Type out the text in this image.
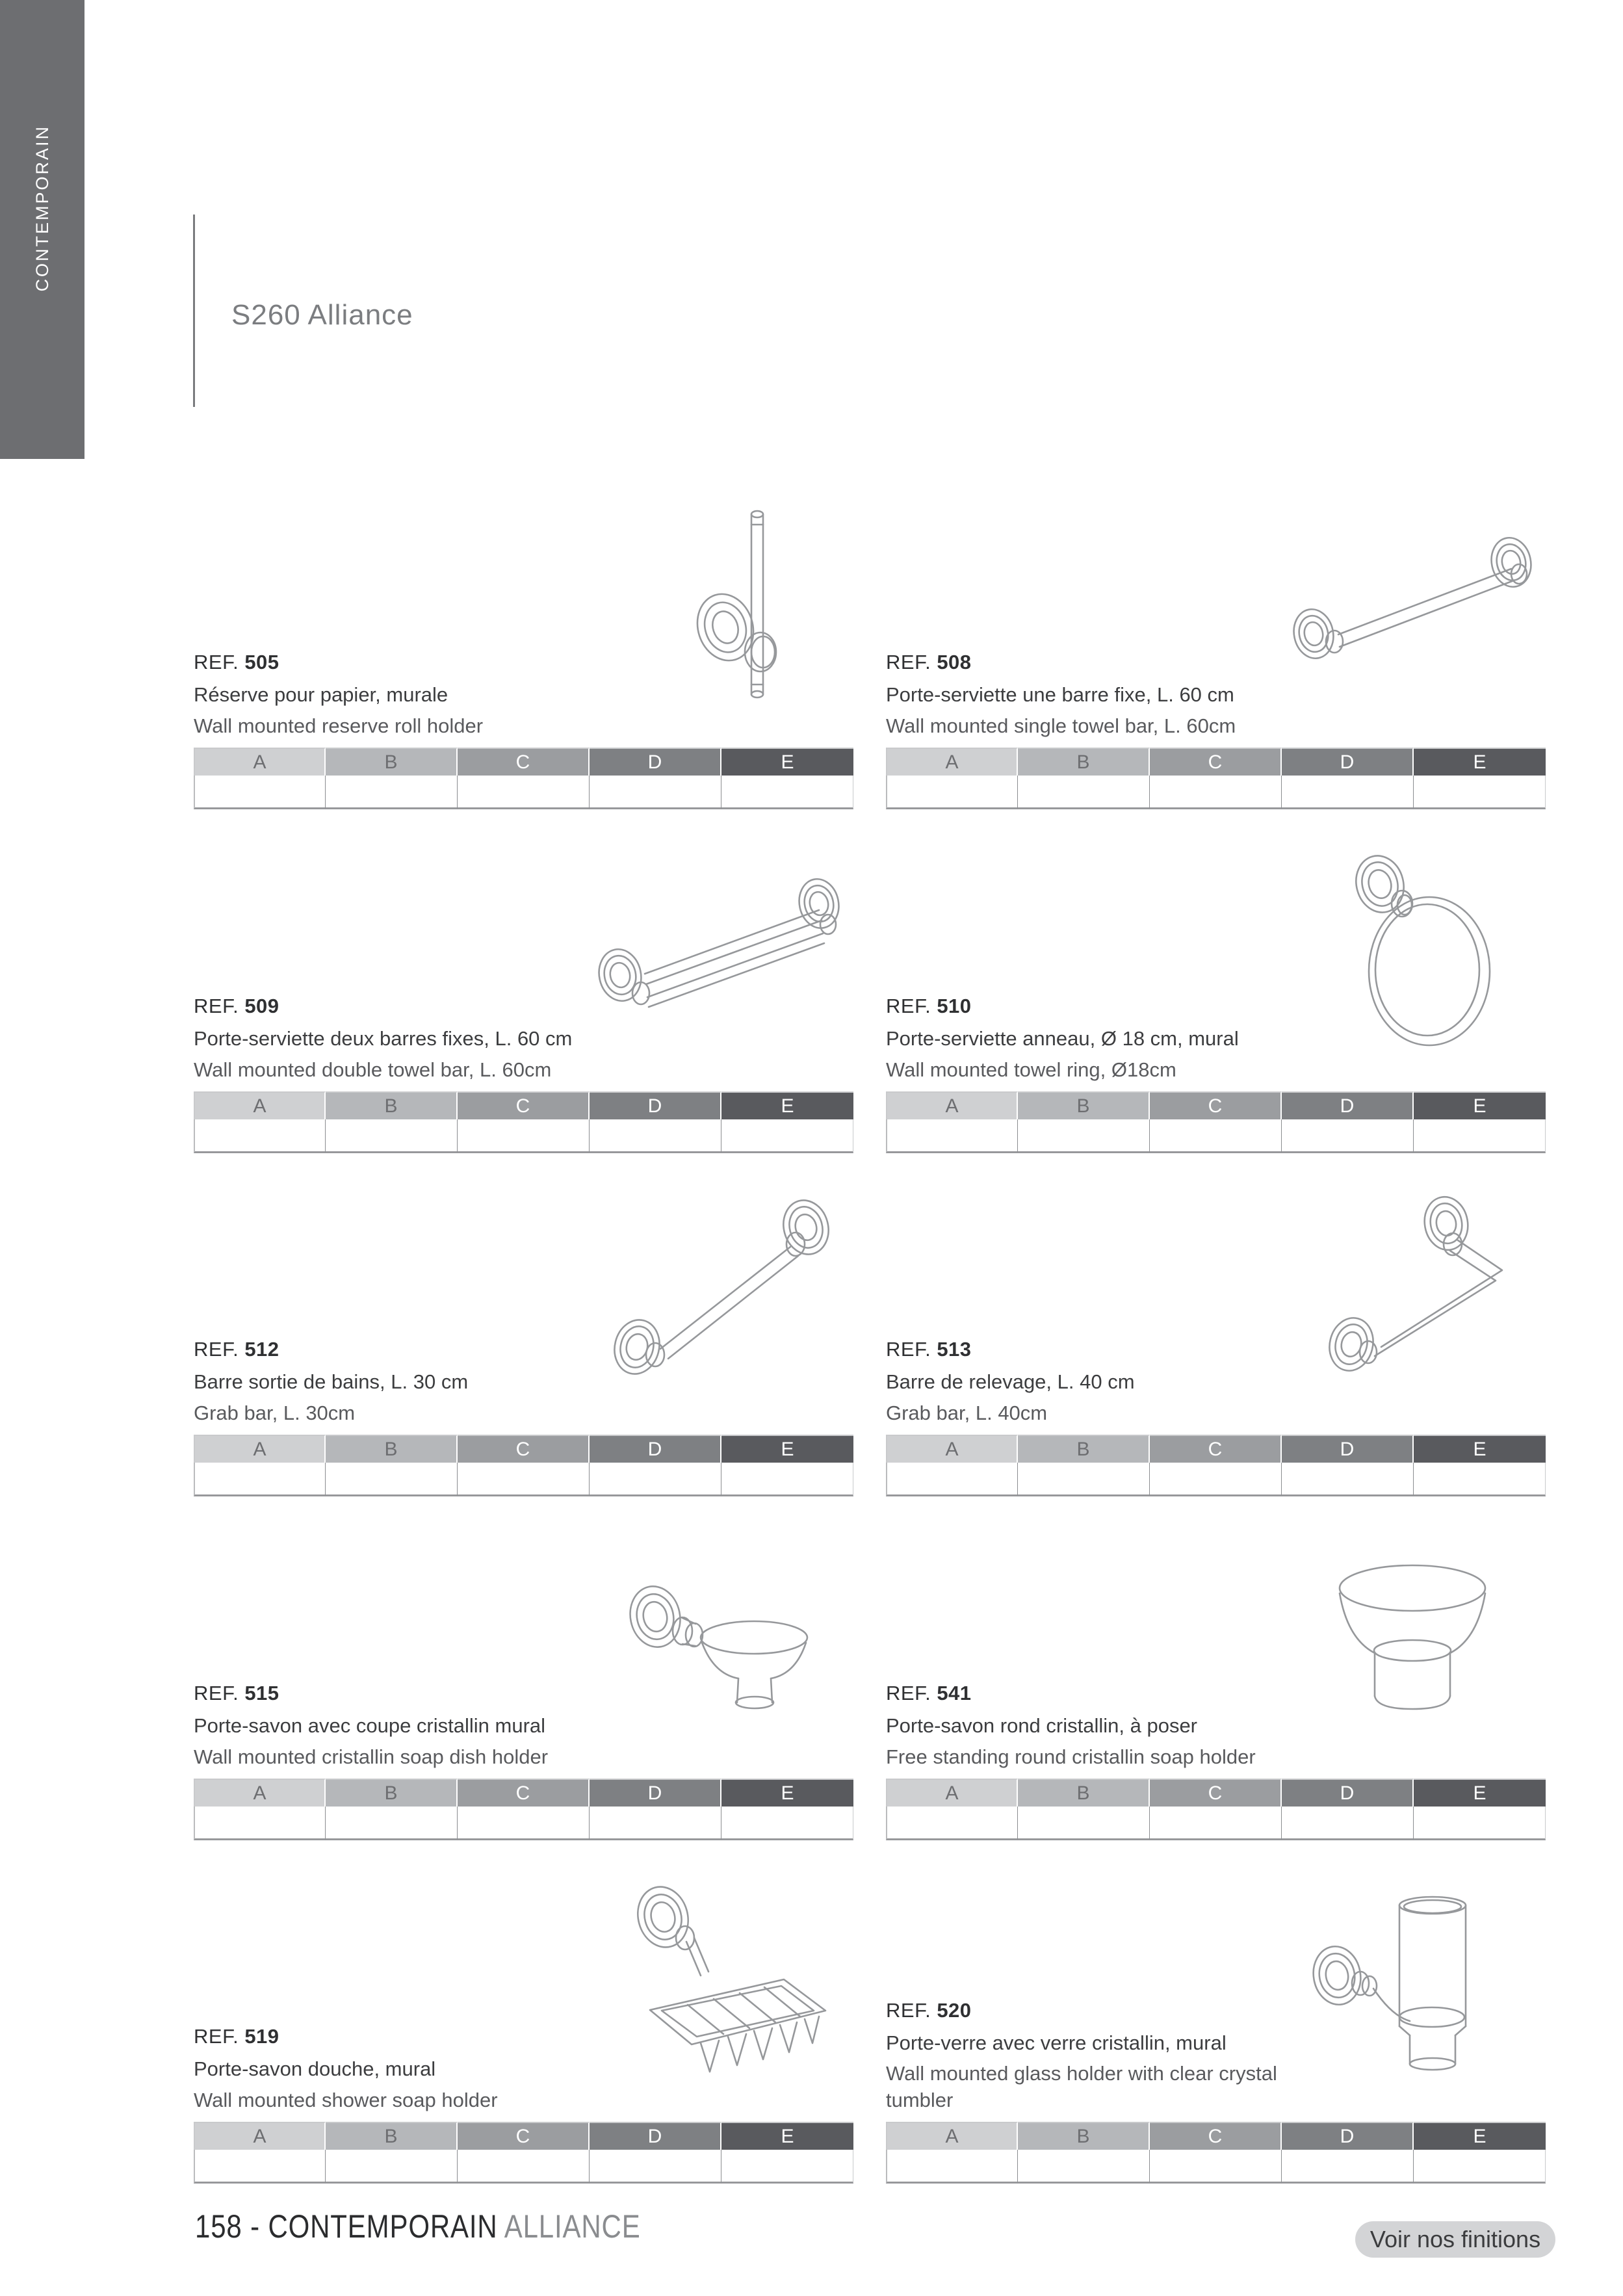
CONTEMPORAIN
S260 Alliance

REF. 505

Réserve pour papier, murale

Wall mounted reserve roll holder

A	B	C	D	E

REF. 508

Porte-serviette une barre fixe, L. 60 cm

Wall mounted single towel bar, L. 60cm

A	B	C	D	E

REF. 509

Porte-serviette deux barres fixes, L. 60 cm

Wall mounted double towel bar, L. 60cm

A	B	C	D	E

REF. 510

Porte-serviette anneau, Ø 18 cm, mural

Wall mounted towel ring, Ø18cm

A	B	C	D	E

REF. 512

Barre sortie de bains, L. 30 cm

Grab bar, L. 30cm

A	B	C	D	E

REF. 513

Barre de relevage, L. 40 cm

Grab bar, L. 40cm

A	B	C	D	E

REF. 515

Porte-savon avec coupe cristallin mural

Wall mounted cristallin soap dish holder

A	B	C	D	E

REF. 541

Porte-savon rond cristallin, à poser

Free standing round cristallin soap holder

A	B	C	D	E

REF. 519

Porte-savon douche, mural

Wall mounted shower soap holder

A	B	C	D	E

REF. 520

Porte-verre avec verre cristallin, mural

Wall mounted glass holder with clear crystal tumbler

A	B	C	D	E

158 - CONTEMPORAIN ALLIANCE	Voir nos finitions
